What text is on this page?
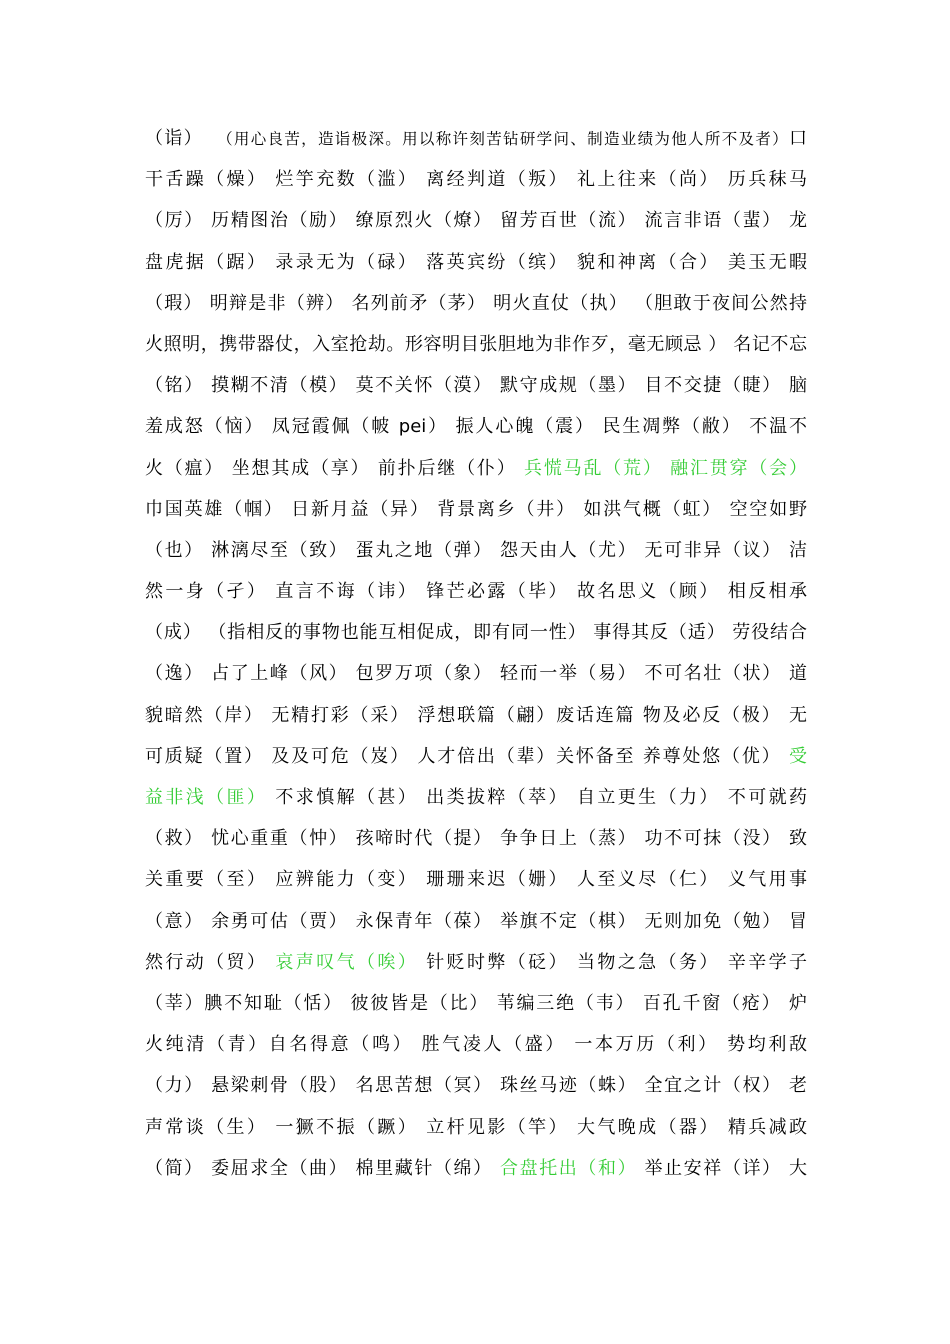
（诣）  （用心良苦，造诣极深。用以称许刻苦钻研学问、制造业绩为他人所不及者）口
干舌躁（燥） 烂竽充数（滥） 离经判道（叛） 礼上往来（尚） 历兵秣马
（厉） 历精图治（励） 缭原烈火（燎） 留芳百世（流） 流言非语（蜚） 龙
盘虎据（踞） 录录无为（碌） 落英宾纷（缤） 貌和神离（合） 美玉无暇
（瑕） 明辩是非（辨） 名列前矛（茅） 明火直仗（执） （胆敢于夜间公然持
火照明，携带器仗，入室抢劫。形容明目张胆地为非作歹，毫无顾忌 ） 名记不忘
（铭） 摸糊不清（模） 莫不关怀（漠） 默守成规（墨） 目不交捷（睫） 脑
羞成怒（恼） 凤冠霞佩（帔 pei） 振人心魄（震） 民生凋弊（敝） 不温不
火（瘟） 坐想其成（享） 前扑后继（仆） 兵慌马乱（荒） 融汇贯穿（会）
巾国英雄（帼） 日新月益（异） 背景离乡（井） 如洪气概（虹） 空空如野
（也） 淋漓尽至（致） 蛋丸之地（弹） 怨天由人（尤） 无可非异（议） 洁
然一身（孑） 直言不诲（讳） 锋芒必露（毕） 故名思义（顾） 相反相承
（成） （指相反的事物也能互相促成，即有同一性） 事得其反（适） 劳役结合
（逸） 占了上峰（风） 包罗万项（象） 轻而一举（易） 不可名壮（状） 道
貌暗然（岸） 无精打彩（采） 浮想联篇（翩）废话连篇 物及必反（极） 无
可质疑（置） 及及可危（岌） 人才倍出（辈）关怀备至 养尊处悠（优） 受
益非浅（匪） 不求慎解（甚） 出类拔粹（萃） 自立更生（力） 不可就药
（救） 忧心重重（忡） 孩啼时代（提） 争争日上（蒸） 功不可抹（没） 致
关重要（至） 应辨能力（变） 珊珊来迟（姗） 人至义尽（仁） 义气用事
（意） 余勇可估（贾） 永保青年（葆） 举旗不定（棋） 无则加免（勉） 冒
然行动（贸） 哀声叹气（唉） 针贬时弊（砭） 当物之急（务） 辛辛学子
（莘）腆不知耻（恬） 彼彼皆是（比） 苇编三绝（韦） 百孔千窗（疮） 炉
火纯清（青）自名得意（鸣） 胜气凌人（盛） 一本万历（利） 势均利敌
（力） 悬梁刺骨（股） 名思苦想（冥） 珠丝马迹（蛛） 全宜之计（权） 老
声常谈（生） 一獗不振（蹶） 立杆见影（竿） 大气晚成（器） 精兵减政
（简） 委屈求全（曲） 棉里藏针（绵） 合盘托出（和） 举止安祥（详） 大
